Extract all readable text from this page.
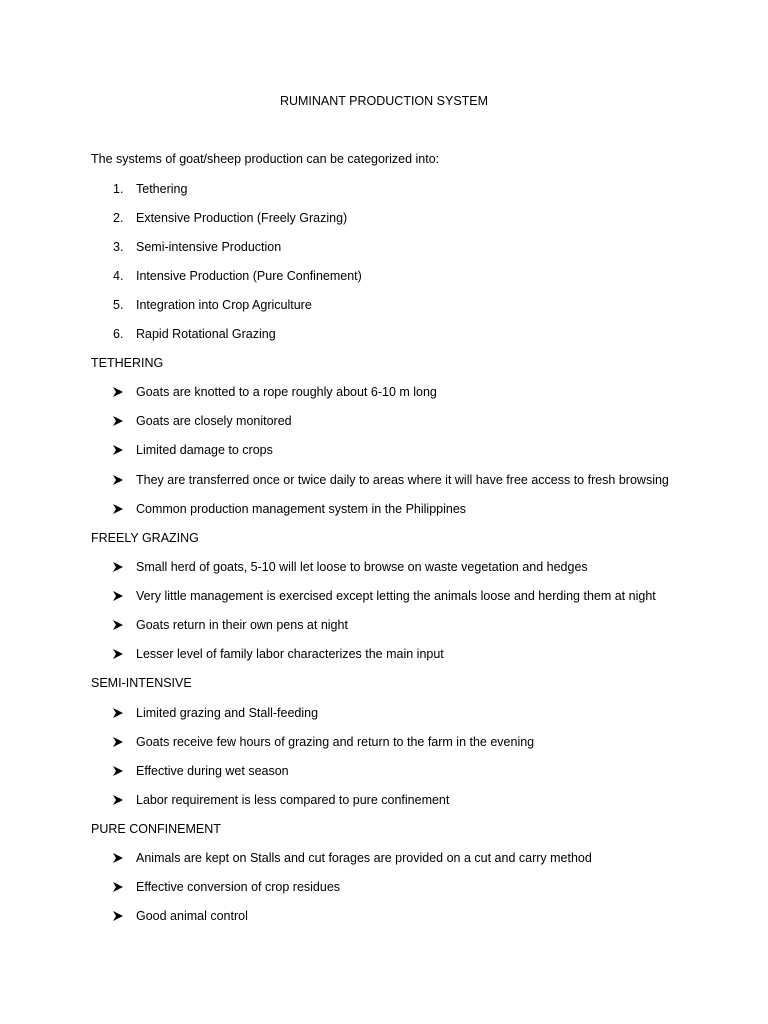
RUMINANT PRODUCTION SYSTEM
The systems of goat/sheep production can be categorized into:
1.	Tethering
2.	Extensive Production (Freely Grazing)
3.	Semi-intensive Production
4.	Intensive Production (Pure Confinement)
5.	Integration into Crop Agriculture
6.	Rapid Rotational Grazing
TETHERING
Goats are knotted to a rope roughly about 6-10 m long
Goats are closely monitored
Limited damage to crops
They are transferred once or twice daily to areas where it will have free access to fresh browsing
Common production management system in the Philippines
FREELY GRAZING
Small herd of goats, 5-10 will let loose to browse on waste vegetation and hedges
Very little management is exercised except letting the animals loose and herding them at night
Goats return in their own pens at night
Lesser level of family labor characterizes the main input
SEMI-INTENSIVE
Limited grazing and Stall-feeding
Goats receive few hours of grazing and return to the farm in the evening
Effective during wet season
Labor requirement is less compared to pure confinement
PURE CONFINEMENT
Animals are kept on Stalls and cut forages are provided on a cut and carry method
Effective conversion of crop residues
Good animal control
